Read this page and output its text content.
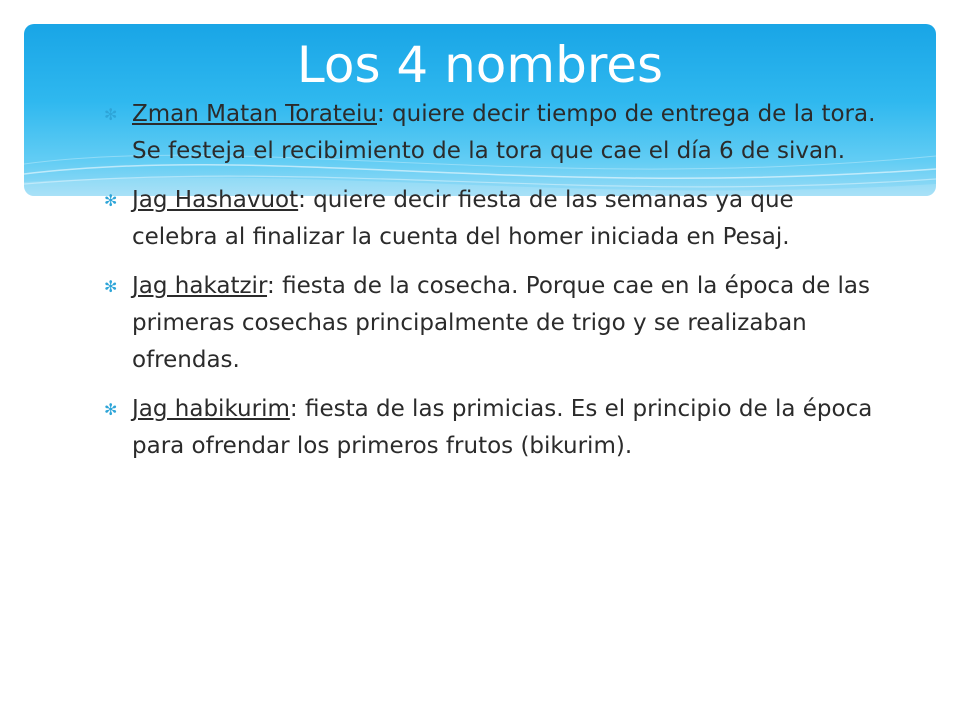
Los 4 nombres
✻ Zman Matan Torateiu: quiere decir tiempo de entrega de la tora. Se festeja el recibimiento de la tora que cae el día 6 de sivan.
✻ Jag Hashavuot: quiere decir fiesta de las semanas ya que celebra al finalizar la cuenta del homer iniciada en Pesaj.
✻ Jag hakatzir: fiesta de la cosecha. Porque cae en la época de las primeras cosechas principalmente de trigo y se realizaban ofrendas.
✻ Jag habikurim: fiesta de las primicias. Es el principio de la época para ofrendar los primeros frutos (bikurim).
